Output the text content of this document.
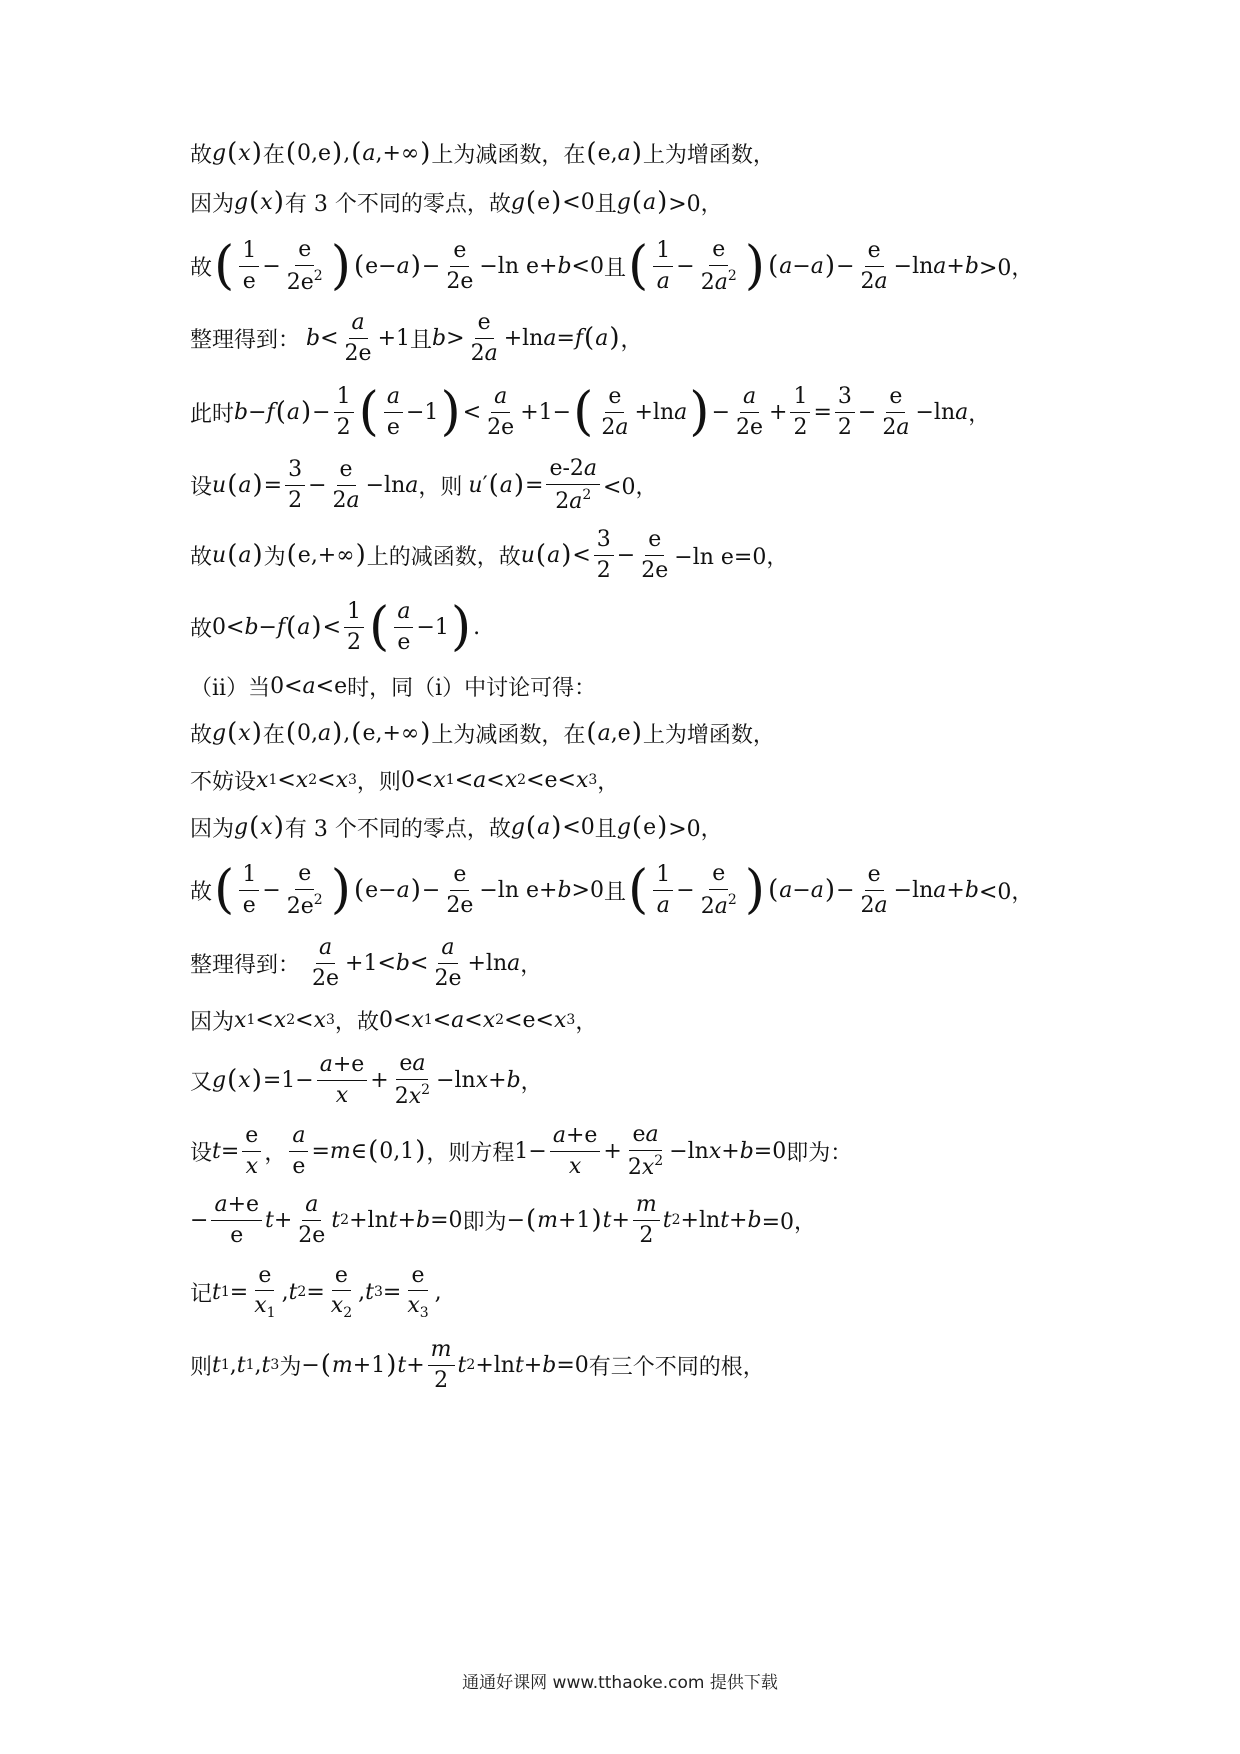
故 g ( x ) 在 ( 0,e ) , ( a ,+∞ ) 上为减函数，在 ( e, a ) 上为增函数，
因为 g ( x ) 有 3 个不同的零点，故 g ( e ) <0 且 g ( a ) >0，
故 ( $\frac{1}{e} - \frac{e}{2e^2}$ ) ( e− a ) − $\frac{e}{2e} -\ln$ e+ b <0 且 ( $\frac{1}{a} - \frac{e}{2a^2}$ ) ( a − a ) − $\frac{e}{2a} -\ln$ a + b >0，
整理得到： $b < \frac{a}{2e} +1$ 且 $b > \frac{e}{2a} +\ln$ a = f ( a ) ，
此时 b − f ( a ) − $\frac{1}{2}$ ( $\frac{a}{e} -1$ ) < $\frac{a}{2e} +1-$ ( $\frac{e}{2a} +\ln$ a ) − $\frac{a}{2e} + \frac{1}{2} = \frac{3}{2} - \frac{e}{2a} -\ln$ a ，
设 u ( a ) = $\frac{3}{2} - \frac{e}{2a} -\ln$ a ，则 u ′ ( a ) = $\frac{e-2a}{2a^2} <0$，
故 u ( a ) 为 ( e,+∞ ) 上的减函数，故 u ( a ) < $\frac{3}{2} - \frac{e}{2e} -\ln$ e=0，
故 0< b − f ( a ) < $\frac{1}{2}$ ( $\frac{a}{e} -1$ ) .
（ii）当 0< a <e 时，同（i）中讨论可得：
故 g ( x ) 在 ( 0, a ) , ( e,+∞ ) 上为减函数，在 ( a ,e ) 上为增函数，
不妨设 x 1 < x 2 < x 3 ，则 0< x 1 < a < x 2 <e< x 3 ，
因为 g ( x ) 有 3 个不同的零点，故 g ( a ) <0 且 g ( e ) >0，
故 ( $\frac{1}{e} - \frac{e}{2e^2}$ ) ( e− a ) − $\frac{e}{2e} -\ln$ e+ b >0 且 ( $\frac{1}{a} - \frac{e}{2a^2}$ ) ( a − a ) − $\frac{e}{2a} -\ln$ a + b <0，
整理得到： $\frac{a}{2e} +1< b < \frac{a}{2e} +\ln$ a ，
因为 x 1 < x 2 < x 3 ， 故 0< x 1 < a < x 2 <e< x 3 ，
又 g ( x ) $=1- \frac{a+e}{x} + \frac{ea}{2x^2} -\ln$ x + b ，
设 $t = \frac{e}{x}$ ， $\frac{a}{e} = m$ ∈ ( 0,1 ) ，则方程 $1- \frac{a+e}{x} + \frac{ea}{2x^2} -\ln$ x + b =0 即为：
− $\frac{a+e}{e}$ $t + \frac{a}{2e}$ t 2 +ln t + b =0 即为 − ( m +1 ) $t + \frac{m}{2}$ t 2 +ln t + b =0，
记 t $1 = \frac{e}{x_1}$ , t $2 = \frac{e}{x_2}$ , t $3 = \frac{e}{x_3}$ ,
则 t 1 , t 1 , t 3 为 − ( m +1 ) $t + \frac{m}{2}$ t 2 +ln t + b =0 有三个不同的根，
通通好课网 www.tthaoke.com 提供下载
